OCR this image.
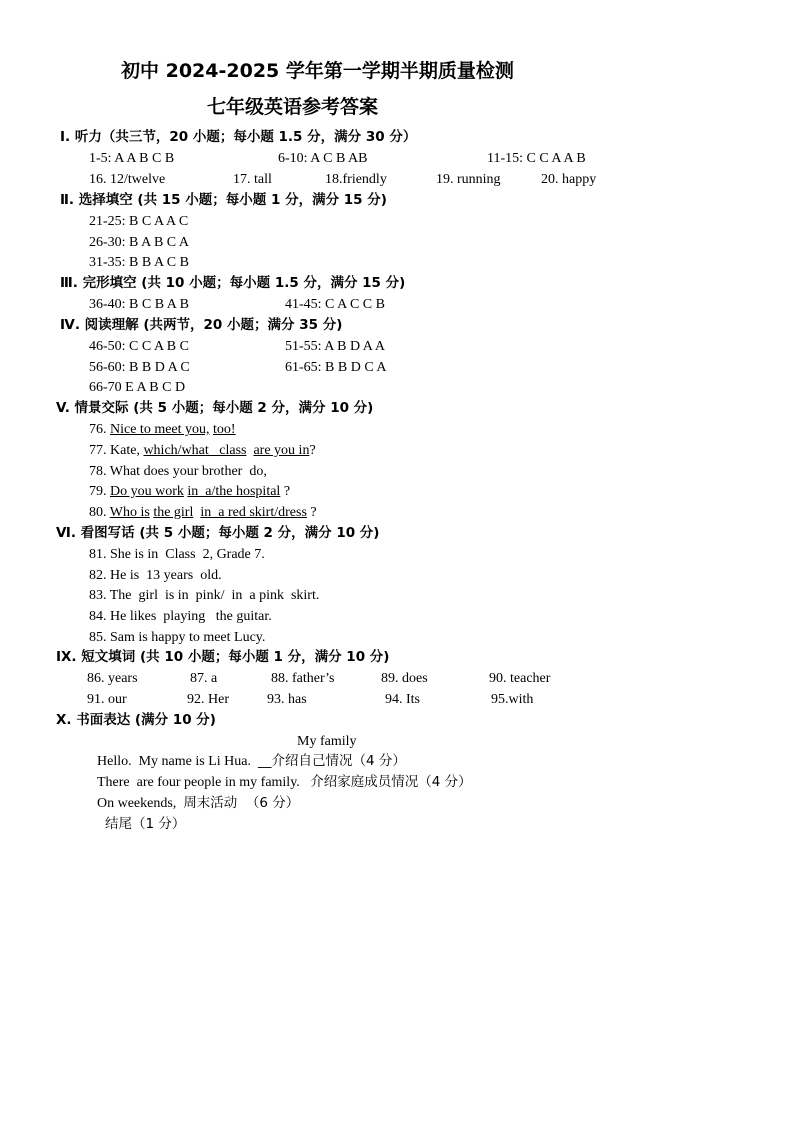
初中 2024-2025 学年第一学期半期质量检测
七年级英语参考答案
Ⅰ. 听力（共三节，20 小题；每小题 1.5 分，满分 30 分）
1-5: A A B C B	6-10: A C B AB	11-15: C C A A B
16. 12/twelve	17. tall	18.friendly	19. running	20. happy
Ⅱ. 选择填空 (共 15 小题；每小题 1 分，满分 15 分)
21-25: B C A A C
26-30: B A B C A
31-35: B B A C B
Ⅲ. 完形填空 (共 10 小题；每小题 1.5 分，满分 15 分)
36-40: B C B A B	41-45: C A C C B
Ⅳ. 阅读理解 (共两节，20 小题；满分 35 分)
46-50: C C A B C	51-55: A B D A A
56-60: B B D A C	61-65: B B D C A
66-70 E A B C D
V. 情景交际 (共 5 小题；每小题 2 分，满分 10 分)
76. Nice to meet you, too!
77. Kate, which/what   class are you in?
78. What does your brother  do,
79. Do you work in  a/the hospital ?
80. Who is the girl in  a red skirt/dress ?
Ⅵ. 看图写话 (共 5 小题；每小题 2 分，满分 10 分)
81. She is in  Class  2, Grade 7.
82. He is  13 years  old.
83. The  girl  is in  pink/  in  a pink  skirt.
84. He likes  playing   the guitar.
85. Sam is happy to meet Lucy.
IX. 短文填词 (共 10 小题；每小题 1 分，满分 10 分)
86. years	87. a	88. father’s	89. does	90. teacher
91. our	92. Her	93. has	94. Its	95.with
X. 书面表达 (满分 10 分)
My family
Hello.  My name is Li Hua.  __介绍自己情况（4 分）
There  are four people in my family.   介绍家庭成员情况（4 分）
On weekends,  周末活动  （6 分）
结尾（1 分）
